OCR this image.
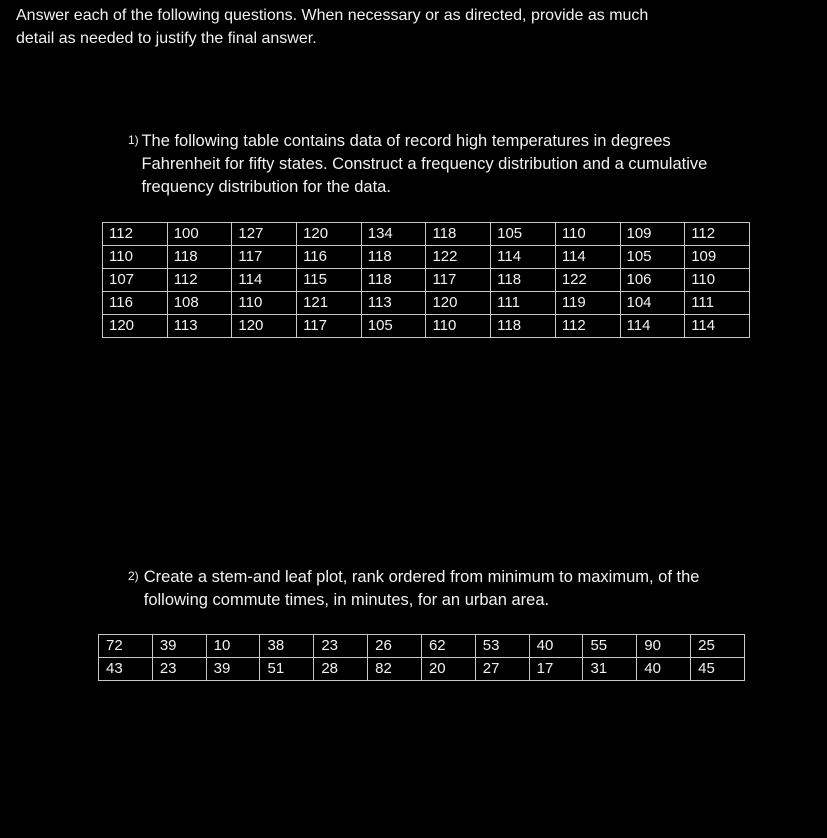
Answer each of the following questions. When necessary or as directed, provide as much detail as needed to justify the final answer.
1) The following table contains data of record high temperatures in degrees Fahrenheit for fifty states. Construct a frequency distribution and a cumulative frequency distribution for the data.
112	100	127	120	134	118	105	110	109	112
110	118	117	116	118	122	114	114	105	109
107	112	114	115	118	117	118	122	106	110
116	108	110	121	113	120	111	119	104	111
120	113	120	117	105	110	118	112	114	114
2) Create a stem-and leaf plot, rank ordered from minimum to maximum, of the following commute times, in minutes, for an urban area.
72	39	10	38	23	26	62	53	40	55	90	25
43	23	39	51	28	82	20	27	17	31	40	45
